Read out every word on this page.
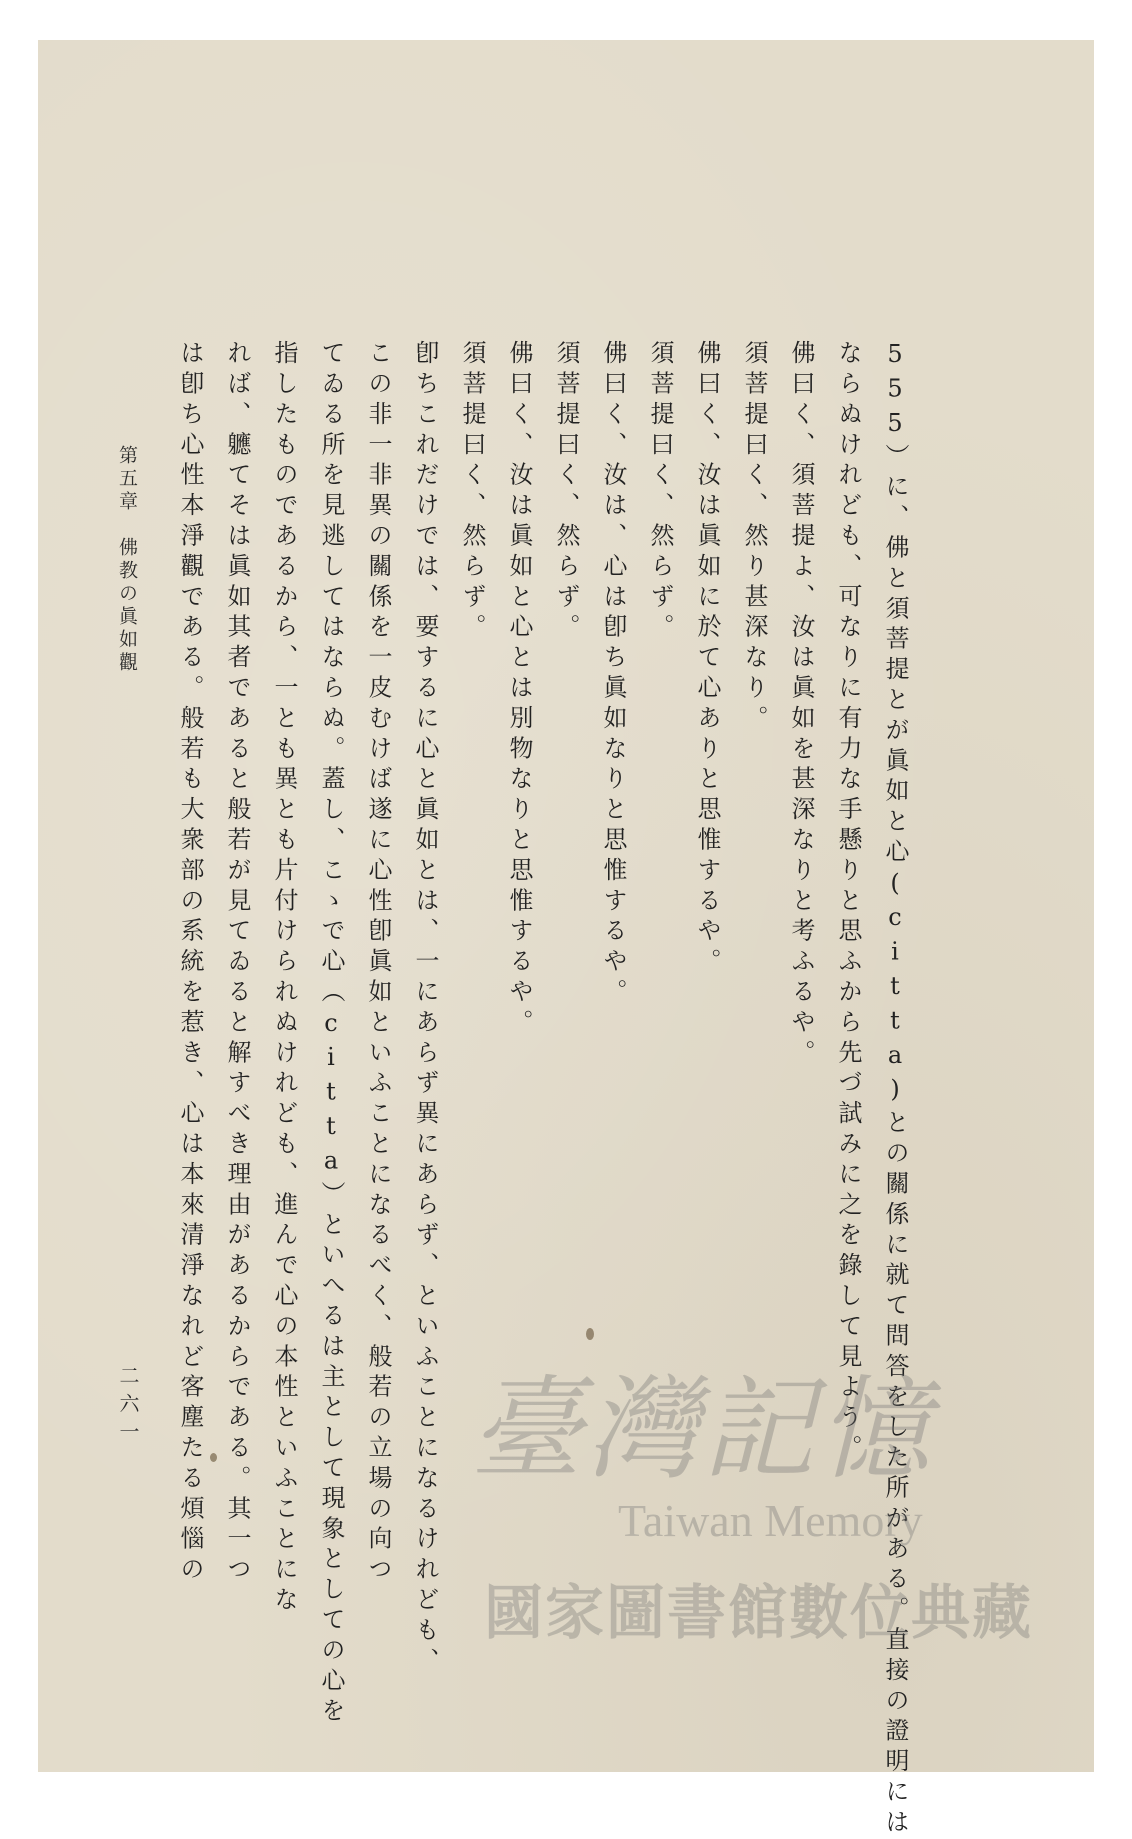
555）に、佛と須菩提とが眞如と心(citta)との關係に就て問答をした所がある。直接の證明には
ならぬけれども、可なりに有力な手懸りと思ふから先づ試みに之を錄して見よう。
佛曰く、須菩提よ、汝は眞如を甚深なりと考ふるや。
須菩提曰く、然り甚深なり。
佛曰く、汝は眞如に於て心ありと思惟するや。
須菩提曰く、然らず。
佛曰く、汝は、心は卽ち眞如なりと思惟するや。
須菩提曰く、然らず。
佛曰く、汝は眞如と心とは別物なりと思惟するや。
須菩提曰く、然らず。
卽ちこれだけでは、要するに心と眞如とは、一にあらず異にあらず、といふことになるけれども、
この非一非異の關係を一皮むけば遂に心性卽眞如といふことになるべく、般若の立場の向つ
てゐる所を見逃してはならぬ。蓋し、こゝで心（citta）といへるは主として現象としての心を
指したものであるから、一とも異とも片付けられぬけれども、進んで心の本性といふことにな
れば、軈てそは眞如其者であると般若が見てゐると解すべき理由があるからである。其一つ
は卽ち心性本淨觀である。般若も大衆部の系統を惹き、心は本來清淨なれど客塵たる煩惱の
第五章　佛教の眞如觀
二六一	臺灣記憶
Taiwan Memory
國家圖書館數位典藏
